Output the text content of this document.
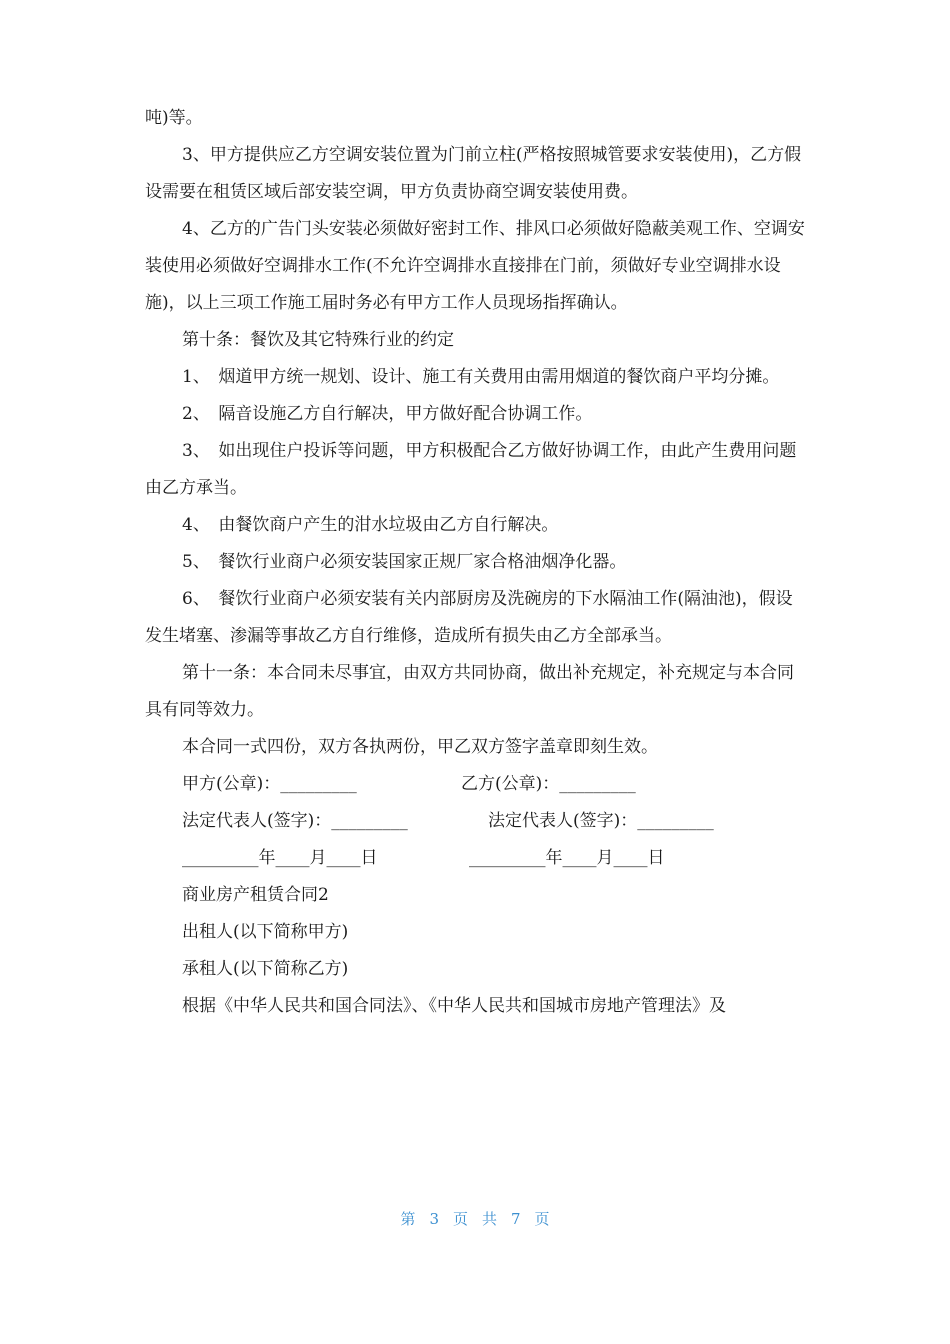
吨)等。

3、甲方提供应乙方空调安装位置为门前立柱(严格按照城管要求安装使用)，乙方假设需要在租赁区域后部安装空调，甲方负责协商空调安装使用费。

4、乙方的广告门头安装必须做好密封工作、排风口必须做好隐蔽美观工作、空调安装使用必须做好空调排水工作(不允许空调排水直接排在门前，须做好专业空调排水设施)，以上三项工作施工届时务必有甲方工作人员现场指挥确认。

第十条：餐饮及其它特殊行业的约定

1、　烟道甲方统一规划、设计、施工有关费用由需用烟道的餐饮商户平均分摊。

2、　隔音设施乙方自行解决，甲方做好配合协调工作。

3、　如出现住户投诉等问题，甲方积极配合乙方做好协调工作，由此产生费用问题由乙方承当。

4、　由餐饮商户产生的泔水垃圾由乙方自行解决。

5、　餐饮行业商户必须安装国家正规厂家合格油烟净化器。

6、　餐饮行业商户必须安装有关内部厨房及洗碗房的下水隔油工作(隔油池)，假设发生堵塞、渗漏等事故乙方自行维修，造成所有损失由乙方全部承当。

第十一条：本合同未尽事宜，由双方共同协商，做出补充规定，补充规定与本合同具有同等效力。

本合同一式四份，双方各执两份，甲乙双方签字盖章即刻生效。

甲方(公章)：_________	乙方(公章)：_________
法定代表人(签字)：_________	法定代表人(签字)：_________
_________年____月____日	_________年____月____日

商业房产租赁合同2

出租人(以下简称甲方)

承租人(以下简称乙方)

根据《中华人民共和国合同法》、《中华人民共和国城市房地产管理法》及

第 3 页共7 页
